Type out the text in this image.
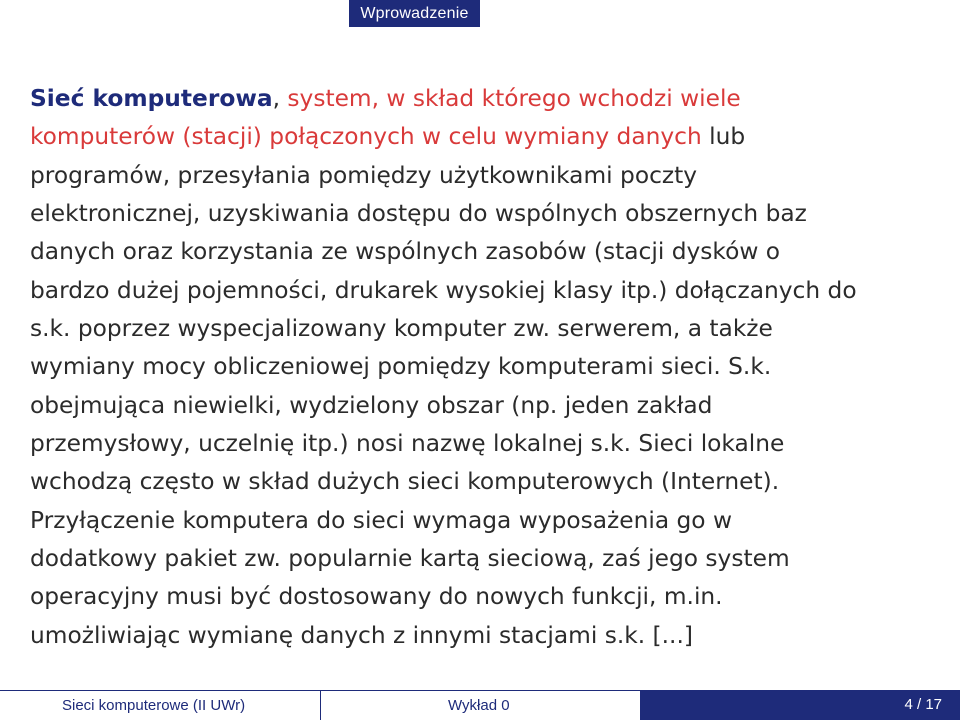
Wprowadzenie
Sieć komputerowa, system, w skład którego wchodzi wiele
komputerów (stacji) połączonych w celu wymiany danych lub
programów, przesyłania pomiędzy użytkownikami poczty
elektronicznej, uzyskiwania dostępu do wspólnych obszernych baz
danych oraz korzystania ze wspólnych zasobów (stacji dysków o
bardzo dużej pojemności, drukarek wysokiej klasy itp.) dołączanych do
s.k. poprzez wyspecjalizowany komputer zw. serwerem, a także
wymiany mocy obliczeniowej pomiędzy komputerami sieci. S.k.
obejmująca niewielki, wydzielony obszar (np. jeden zakład
przemysłowy, uczelnię itp.) nosi nazwę lokalnej s.k. Sieci lokalne
wchodzą często w skład dużych sieci komputerowych (Internet).
Przyłączenie komputera do sieci wymaga wyposażenia go w
dodatkowy pakiet zw. popularnie kartą sieciową, zaś jego system
operacyjny musi być dostosowany do nowych funkcji, m.in.
umożliwiając wymianę danych z innymi stacjami s.k. [...]
Sieci komputerowe (II UWr)	Wykład 0	4 / 17
